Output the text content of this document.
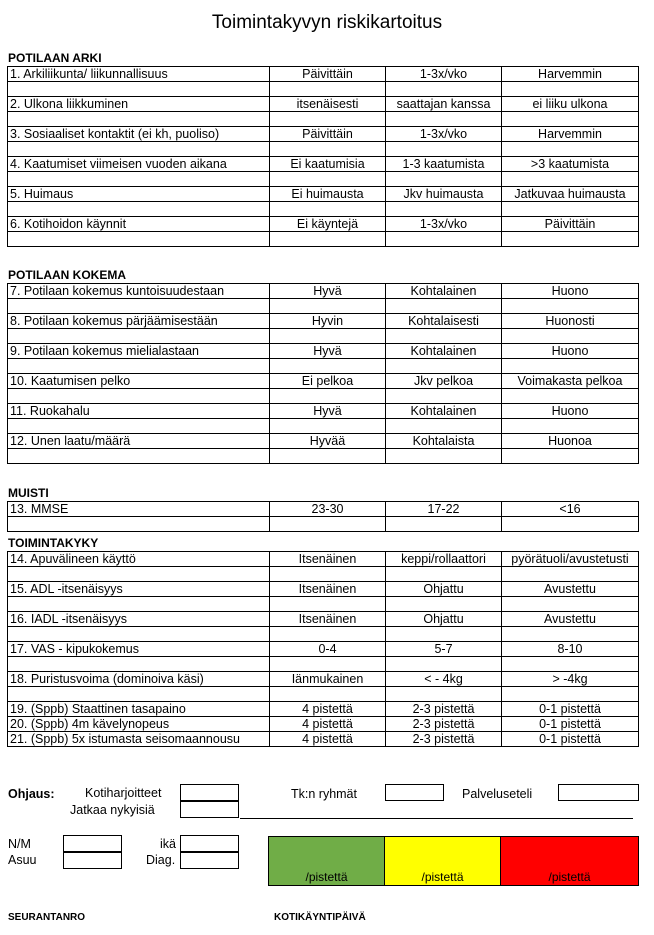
Toimintakyvyn riskikartoitus
POTILAAN ARKI
POTILAAN KOKEMA
MUISTI
TOIMINTAKYKY
1. Arkiliikunta/ liikunnallisuus	Päivittäin	1-3x/vko	Harvemmin

2. Ulkona liikkuminen	itsenäisesti	saattajan kanssa	ei liiku ulkona

3. Sosiaaliset kontaktit (ei kh, puoliso)	Päivittäin	1-3x/vko	Harvemmin

4. Kaatumiset viimeisen vuoden aikana	Ei kaatumisia	1-3 kaatumista	>3 kaatumista

5. Huimaus	Ei huimausta	Jkv huimausta	Jatkuvaa huimausta

6. Kotihoidon käynnit	Ei käyntejä	1-3x/vko	Päivittäin

7. Potilaan kokemus kuntoisuudestaan	Hyvä	Kohtalainen	Huono

8. Potilaan kokemus pärjäämisestään	Hyvin	Kohtalaisesti	Huonosti

9. Potilaan kokemus mielialastaan	Hyvä	Kohtalainen	Huono

10. Kaatumisen pelko	Ei pelkoa	Jkv pelkoa	Voimakasta pelkoa

11. Ruokahalu	Hyvä	Kohtalainen	Huono

12. Unen laatu/määrä	Hyvää	Kohtalaista	Huonoa

13. MMSE	23-30	17-22	<16

14. Apuvälineen käyttö	Itsenäinen	keppi/rollaattori	pyörätuoli/avustetusti

15. ADL -itsenäisyys	Itsenäinen	Ohjattu	Avustettu

16. IADL -itsenäisyys	Itsenäinen	Ohjattu	Avustettu

17. VAS - kipukokemus	0-4	5-7	8-10

18. Puristusvoima (dominoiva käsi)	Iänmukainen	< - 4kg	> -4kg

19. (Sppb) Staattinen tasapaino	4 pistettä	2-3 pistettä	0-1 pistettä
20. (Sppb) 4m kävelynopeus	4 pistettä	2-3 pistettä	0-1 pistettä
21. (Sppb) 5x istumasta seisomaannousu	4 pistettä	2-3 pistettä	0-1 pistettä
Ohjaus: Kotiharjoitteet
Jatkaa nykyisiä
Tk:n ryhmät	Palveluseteli
N/M
Asuu
ikä
Diag.
/pistettä	/pistettä	/pistettä
SEURANTANRO	KOTIKÄYNTIPÄIVÄ
